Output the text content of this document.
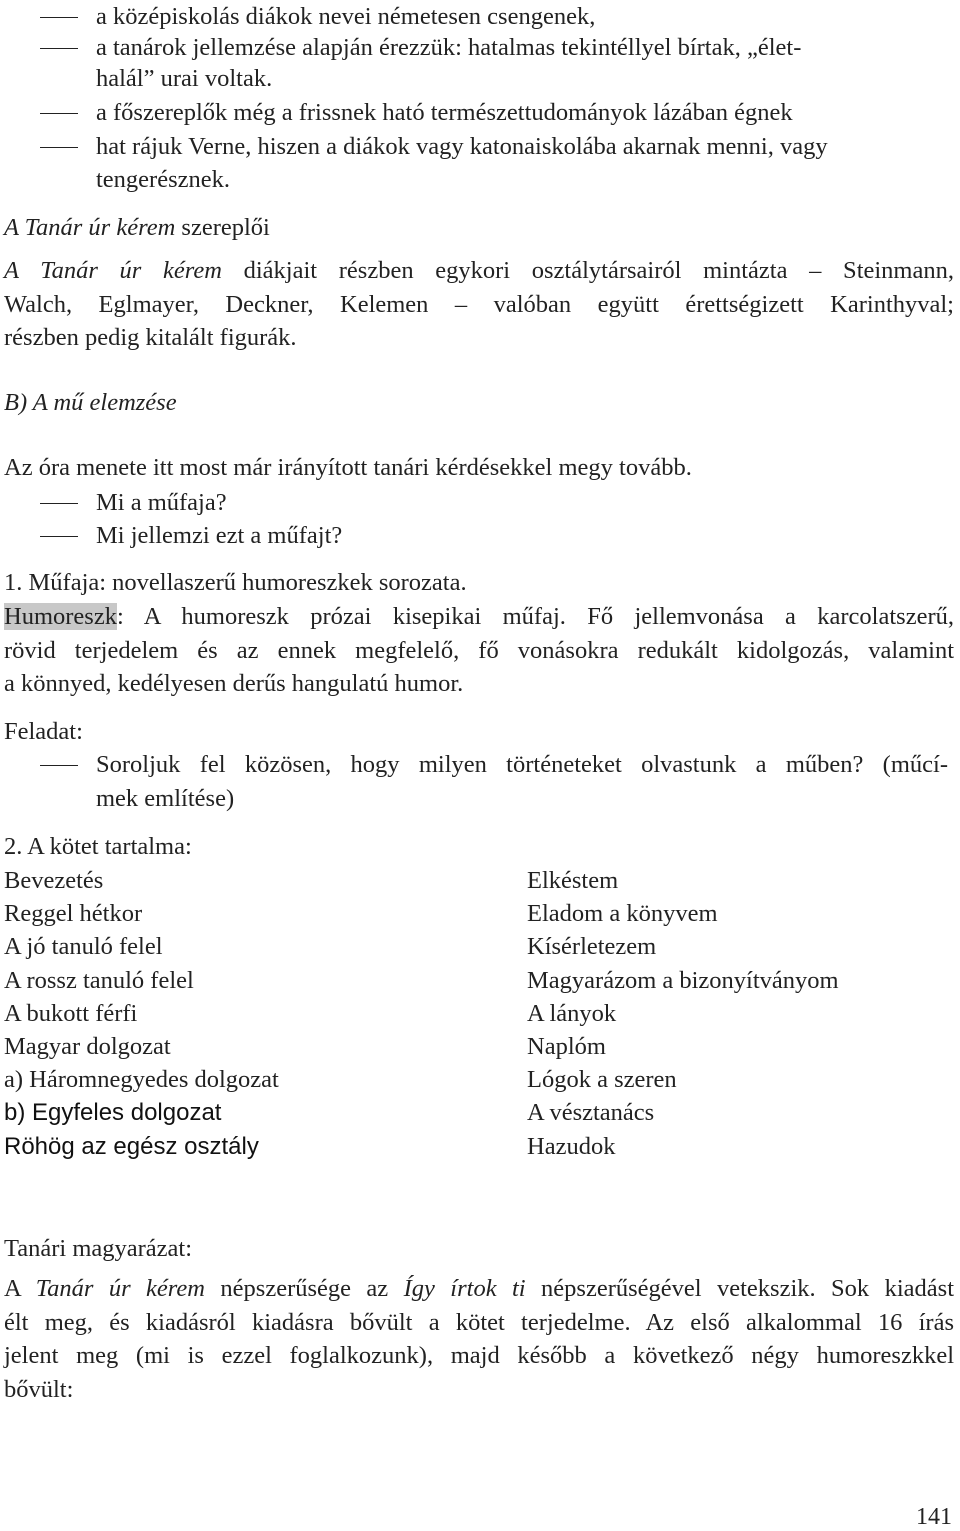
a középiskolás diákok nevei németesen csengenek,
a tanárok jellemzése alapján érezzük: hatalmas tekintéllyel bírtak, „élet-
halál” urai voltak.
a főszereplők még a frissnek ható természettudományok lázában égnek
hat rájuk Verne, hiszen a diákok vagy katonaiskolába akarnak menni, vagy
tengerésznek.
A Tanár úr kérem szereplői
A Tanár úr kérem diákjait részben egykori osztálytársairól mintázta – Steinmann,
Walch, Eglmayer, Deckner, Kelemen – valóban együtt érettségizett Karinthyval;
részben pedig kitalált figurák.
B) A mű elemzése
Az óra menete itt most már irányított tanári kérdésekkel megy tovább.
Mi a műfaja?
Mi jellemzi ezt a műfajt?
1. Műfaja: novellaszerű humoreszkek sorozata.
Humoreszk: A humoreszk prózai kisepikai műfaj. Fő jellemvonása a karcolatszerű,
rövid terjedelem és az ennek megfelelő, fő vonásokra redukált kidolgozás, valamint
a könnyed, kedélyesen derűs hangulatú humor.
Feladat:
Soroljuk fel közösen, hogy milyen történeteket olvastunk a műben? (műcí-
mek említése)
2. A kötet tartalma:
Bevezetés
Reggel hétkor
A jó tanuló felel
A rossz tanuló felel
A bukott férfi
Magyar dolgozat
a) Háromnegyedes dolgozat
b) Egyfeles dolgozat
Röhög az egész osztály
Elkéstem
Eladom a könyvem
Kísérletezem
Magyarázom a bizonyítványom
A lányok
Naplóm
Lógok a szeren
A vésztanács
Hazudok
Tanári magyarázat:
A Tanár úr kérem népszerűsége az Így írtok ti népszerűségével vetekszik. Sok kiadást
élt meg, és kiadásról kiadásra bővült a kötet terjedelme. Az első alkalommal 16 írás
jelent meg (mi is ezzel foglalkozunk), majd később a következő négy humoreszkkel
bővült:
141
